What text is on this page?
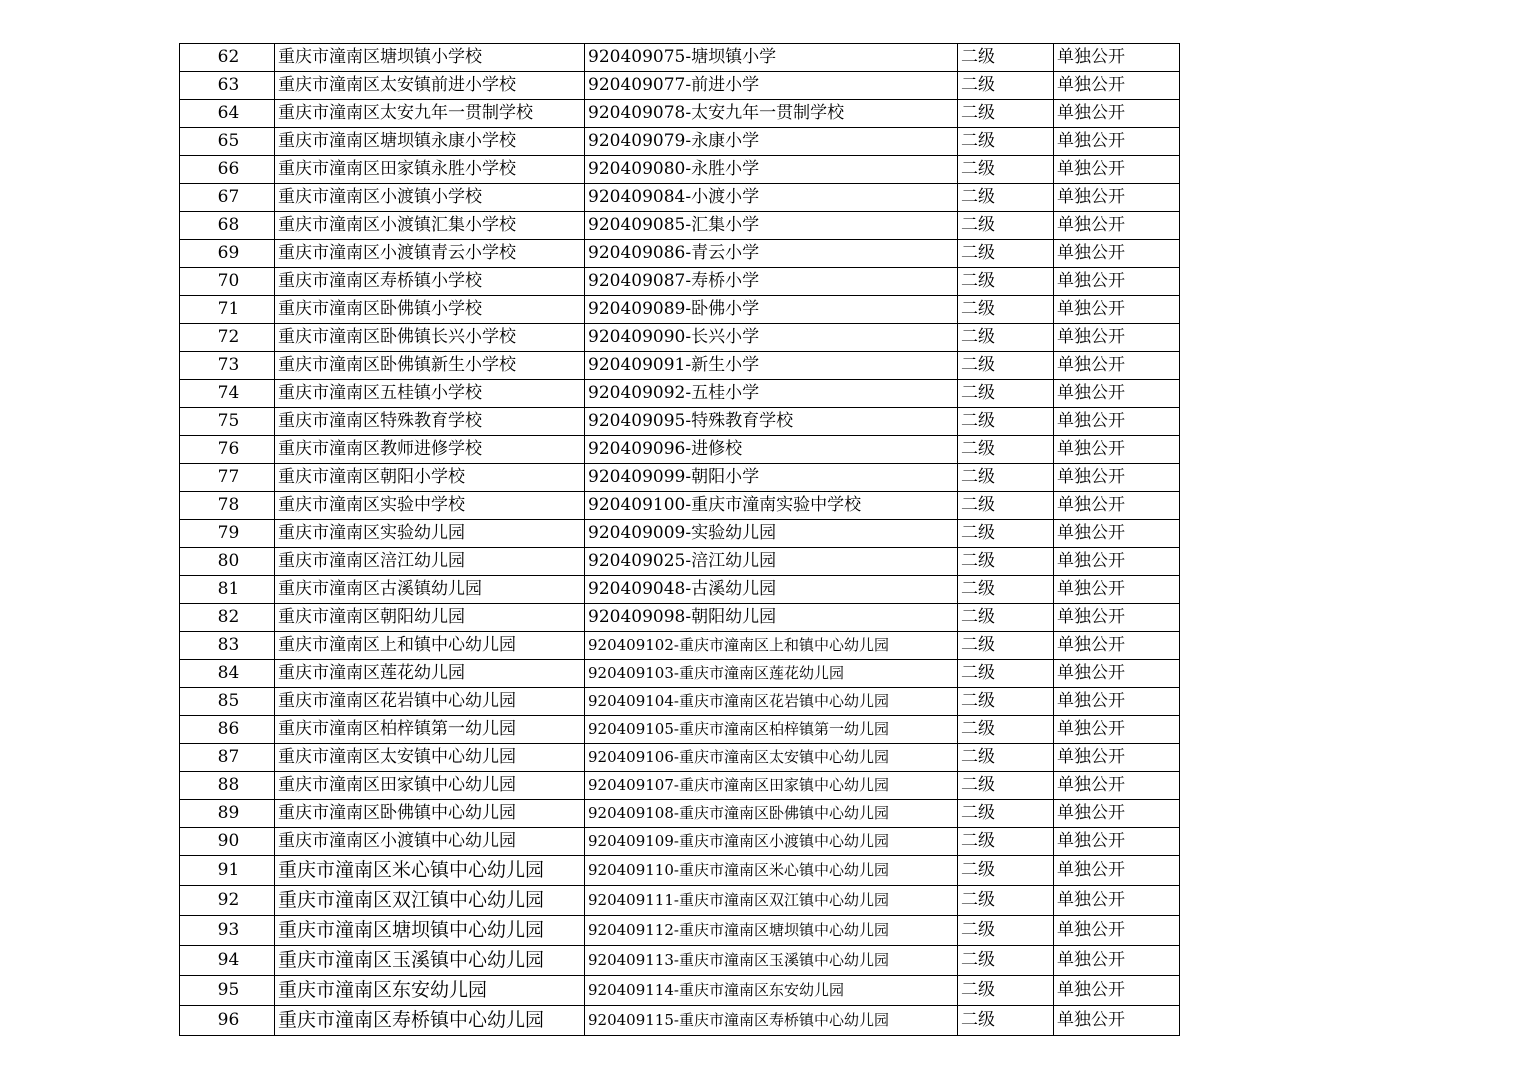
62	重庆市潼南区塘坝镇小学校	920409075-塘坝镇小学	二级	单独公开
63	重庆市潼南区太安镇前进小学校	920409077-前进小学	二级	单独公开
64	重庆市潼南区太安九年一贯制学校	920409078-太安九年一贯制学校	二级	单独公开
65	重庆市潼南区塘坝镇永康小学校	920409079-永康小学	二级	单独公开
66	重庆市潼南区田家镇永胜小学校	920409080-永胜小学	二级	单独公开
67	重庆市潼南区小渡镇小学校	920409084-小渡小学	二级	单独公开
68	重庆市潼南区小渡镇汇集小学校	920409085-汇集小学	二级	单独公开
69	重庆市潼南区小渡镇青云小学校	920409086-青云小学	二级	单独公开
70	重庆市潼南区寿桥镇小学校	920409087-寿桥小学	二级	单独公开
71	重庆市潼南区卧佛镇小学校	920409089-卧佛小学	二级	单独公开
72	重庆市潼南区卧佛镇长兴小学校	920409090-长兴小学	二级	单独公开
73	重庆市潼南区卧佛镇新生小学校	920409091-新生小学	二级	单独公开
74	重庆市潼南区五桂镇小学校	920409092-五桂小学	二级	单独公开
75	重庆市潼南区特殊教育学校	920409095-特殊教育学校	二级	单独公开
76	重庆市潼南区教师进修学校	920409096-进修校	二级	单独公开
77	重庆市潼南区朝阳小学校	920409099-朝阳小学	二级	单独公开
78	重庆市潼南区实验中学校	920409100-重庆市潼南实验中学校	二级	单独公开
79	重庆市潼南区实验幼儿园	920409009-实验幼儿园	二级	单独公开
80	重庆市潼南区涪江幼儿园	920409025-涪江幼儿园	二级	单独公开
81	重庆市潼南区古溪镇幼儿园	920409048-古溪幼儿园	二级	单独公开
82	重庆市潼南区朝阳幼儿园	920409098-朝阳幼儿园	二级	单独公开
83	重庆市潼南区上和镇中心幼儿园	920409102-重庆市潼南区上和镇中心幼儿园	二级	单独公开
84	重庆市潼南区莲花幼儿园	920409103-重庆市潼南区莲花幼儿园	二级	单独公开
85	重庆市潼南区花岩镇中心幼儿园	920409104-重庆市潼南区花岩镇中心幼儿园	二级	单独公开
86	重庆市潼南区柏梓镇第一幼儿园	920409105-重庆市潼南区柏梓镇第一幼儿园	二级	单独公开
87	重庆市潼南区太安镇中心幼儿园	920409106-重庆市潼南区太安镇中心幼儿园	二级	单独公开
88	重庆市潼南区田家镇中心幼儿园	920409107-重庆市潼南区田家镇中心幼儿园	二级	单独公开
89	重庆市潼南区卧佛镇中心幼儿园	920409108-重庆市潼南区卧佛镇中心幼儿园	二级	单独公开
90	重庆市潼南区小渡镇中心幼儿园	920409109-重庆市潼南区小渡镇中心幼儿园	二级	单独公开
91	重庆市潼南区米心镇中心幼儿园	920409110-重庆市潼南区米心镇中心幼儿园	二级	单独公开
92	重庆市潼南区双江镇中心幼儿园	920409111-重庆市潼南区双江镇中心幼儿园	二级	单独公开
93	重庆市潼南区塘坝镇中心幼儿园	920409112-重庆市潼南区塘坝镇中心幼儿园	二级	单独公开
94	重庆市潼南区玉溪镇中心幼儿园	920409113-重庆市潼南区玉溪镇中心幼儿园	二级	单独公开
95	重庆市潼南区东安幼儿园	920409114-重庆市潼南区东安幼儿园	二级	单独公开
96	重庆市潼南区寿桥镇中心幼儿园	920409115-重庆市潼南区寿桥镇中心幼儿园	二级	单独公开
